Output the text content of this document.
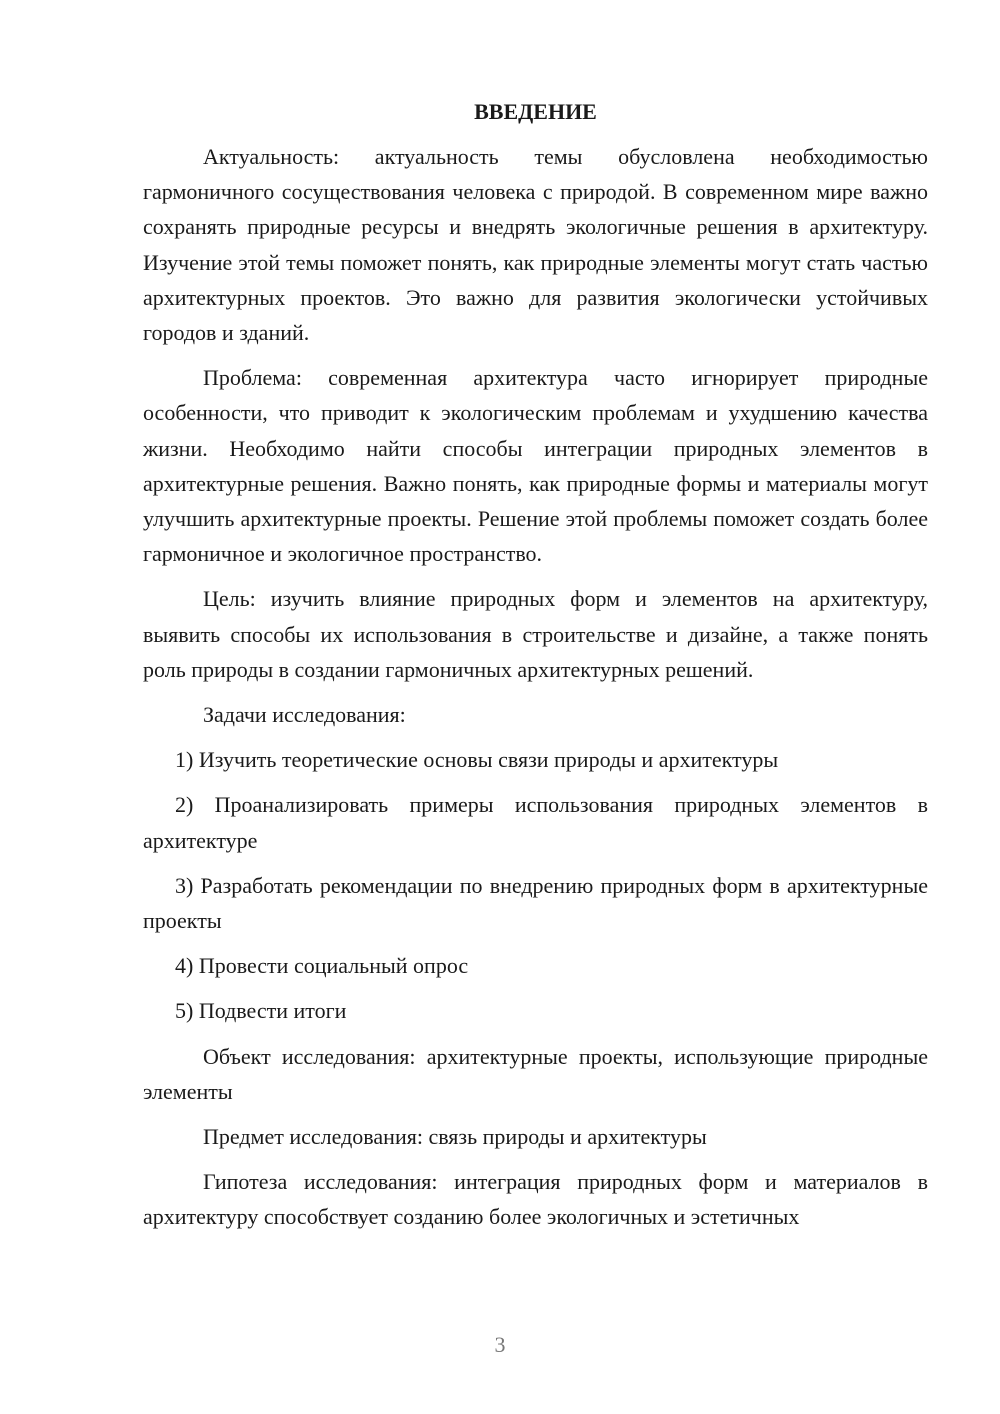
ВВЕДЕНИЕ

Актуальность: актуальность темы обусловлена необходимостью гармоничного сосуществования человека с природой. В современном мире важно сохранять природные ресурсы и внедрять экологичные решения в архитектуру. Изучение этой темы поможет понять, как природные элементы могут стать частью архитектурных проектов. Это важно для развития экологически устойчивых городов и зданий.

Проблема: современная архитектура часто игнорирует природные особенности, что приводит к экологическим проблемам и ухудшению качества жизни. Необходимо найти способы интеграции природных элементов в архитектурные решения. Важно понять, как природные формы и материалы могут улучшить архитектурные проекты. Решение этой проблемы поможет создать более гармоничное и экологичное пространство.

Цель: изучить влияние природных форм и элементов на архитектуру, выявить способы их использования в строительстве и дизайне, а также понять роль природы в создании гармоничных архитектурных решений.

Задачи исследования:

1) Изучить теоретические основы связи природы и архитектуры

2) Проанализировать примеры использования природных элементов в архитектуре

3) Разработать рекомендации по внедрению природных форм в архитектурные проекты

4) Провести социальный опрос

5) Подвести итоги

Объект исследования: архитектурные проекты, использующие природные элементы

Предмет исследования: связь природы и архитектуры

Гипотеза исследования: интеграция природных форм и материалов в архитектуру способствует созданию более экологичных и эстетичных

3
